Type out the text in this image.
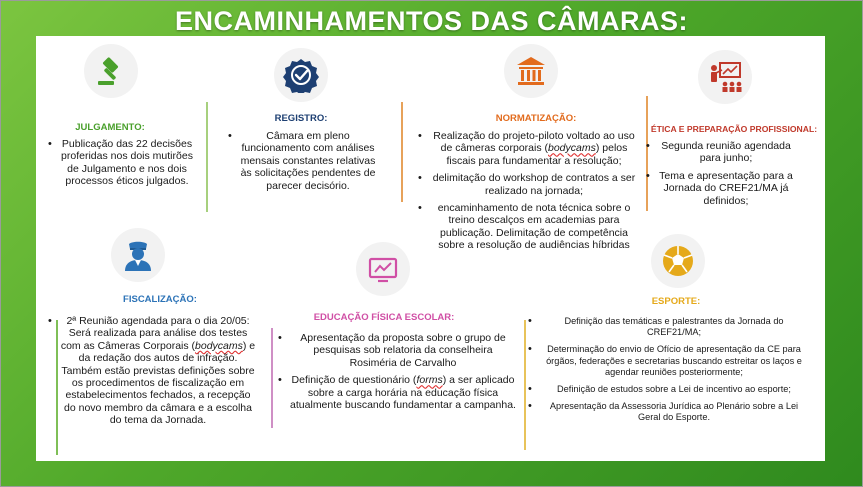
ENCAMINHAMENTOS DAS CÂMARAS:
JULGAMENTO:
• Publicação das 22 decisões proferidas nos dois mutirões de Julgamento e nos dois processos éticos julgados.
REGISTRO:
• Câmara em pleno funcionamento com análises mensais constantes relativas às solicitações pendentes de parecer decisório.
NORMATIZAÇÃO:
• Realização do projeto-piloto voltado ao uso de câmeras corporais (bodycams) pelos fiscais para fundamentar a resolução;
• delimitação do workshop de contratos a ser realizado na jornada;
• encaminhamento de nota técnica sobre o treino descalços em academias para publicação. Delimitação de competência sobre a resolução de audiências híbridas
ÉTICA E PREPARAÇÃO PROFISSIONAL:
• Segunda reunião agendada para junho;
• Tema e apresentação para a Jornada do CREF21/MA já definidos;
FISCALIZAÇÃO:
• 2ª Reunião agendada para o dia 20/05: Será realizada para análise dos testes com as Câmeras Corporais (bodycams) e da redação dos autos de infração. Também estão previstas definições sobre os procedimentos de fiscalização em estabelecimentos fechados, a recepção do novo membro da câmara e a escolha do tema da Jornada.
EDUCAÇÃO FÍSICA ESCOLAR:
• Apresentação da proposta sobre o grupo de pesquisas sob relatoria da conselheira Rosiméria de Carvalho
• Definição de questionário (forms) a ser aplicado sobre a carga horária na educação física atualmente buscando fundamentar a campanha.
ESPORTE:
• Definição das temáticas e palestrantes da Jornada do CREF21/MA;
• Determinação do envio de Ofício de apresentação da CE para órgãos, federações e secretarias buscando estreitar os laços e agendar reuniões posteriormente;
• Definição de estudos sobre a Lei de incentivo ao esporte;
• Apresentação da Assessoria Jurídica ao Plenário sobre a Lei Geral do Esporte.
